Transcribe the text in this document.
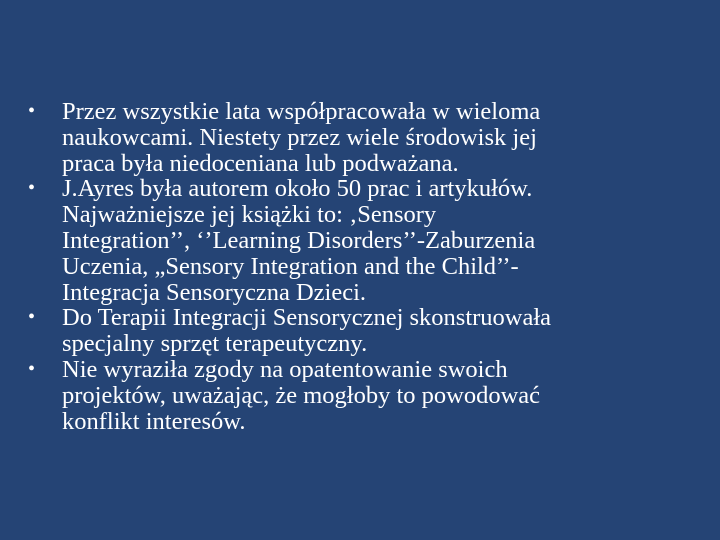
•	Przez wszystkie lata współpracowała w wieloma
naukowcami. Niestety przez wiele środowisk jej
praca była niedoceniana lub podważana.
•	J.Ayres była autorem około 50 prac i artykułów.
Najważniejsze jej książki to: ‚Sensory
Integration’’, ‘’Learning Disorders’’-Zaburzenia
Uczenia, „Sensory Integration and the Child’’-
Integracja Sensoryczna Dzieci.
•	Do Terapii Integracji Sensorycznej skonstruowała
specjalny sprzęt terapeutyczny.
•	Nie wyraziła zgody na opatentowanie swoich
projektów, uważając, że mogłoby to powodować
konflikt interesów.
